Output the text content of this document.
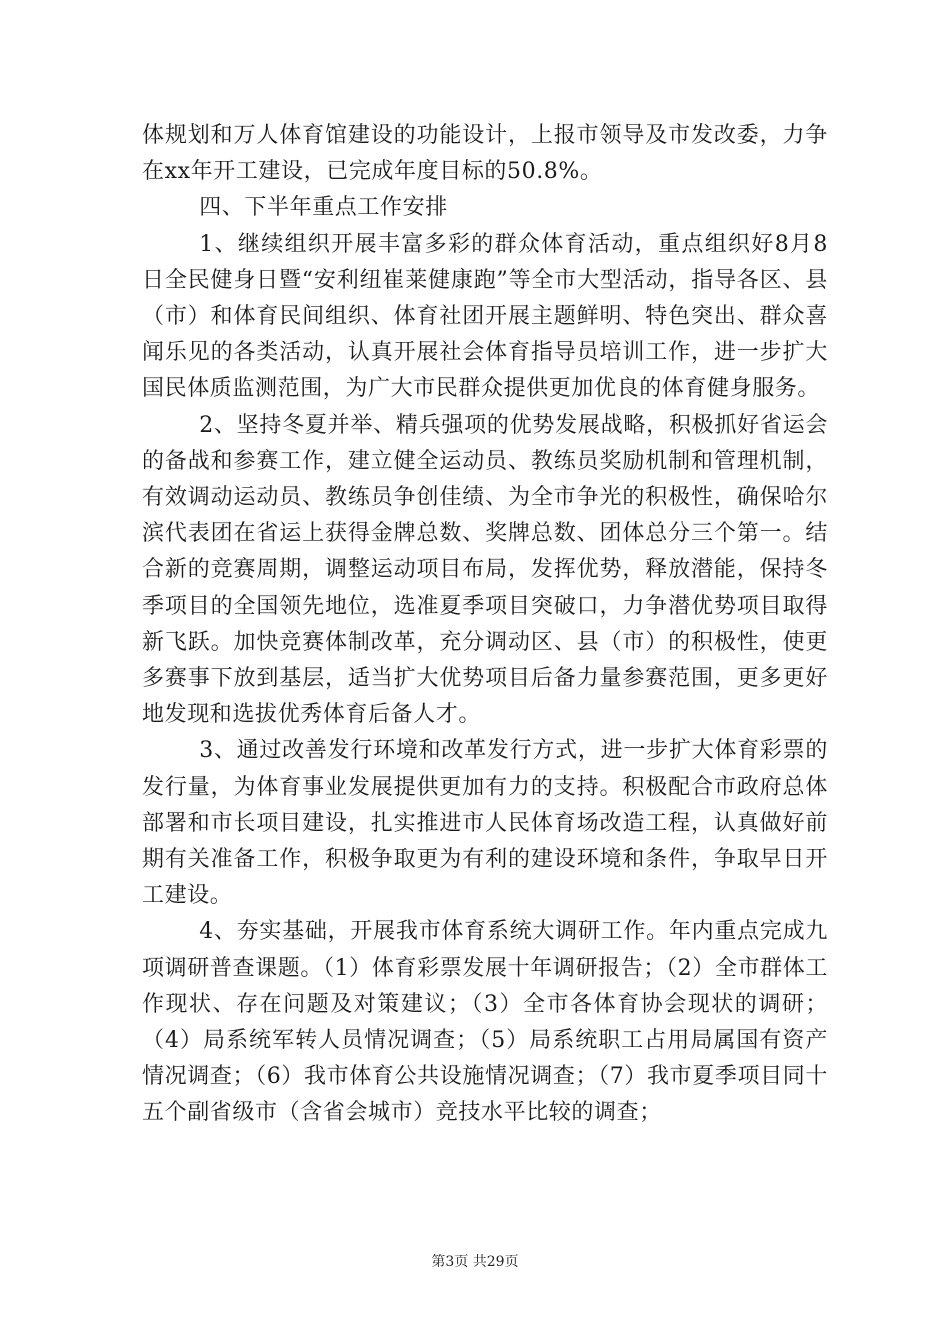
体规划和万人体育馆建设的功能设计，上报市领导及市发改委，力争在xx年开工建设，已完成年度目标的50.8%。

四、下半年重点工作安排

1、继续组织开展丰富多彩的群众体育活动，重点组织好8月8日全民健身日暨“安利纽崔莱健康跑”等全市大型活动，指导各区、县（市）和体育民间组织、体育社团开展主题鲜明、特色突出、群众喜闻乐见的各类活动，认真开展社会体育指导员培训工作，进一步扩大国民体质监测范围，为广大市民群众提供更加优良的体育健身服务。

2、坚持冬夏并举、精兵强项的优势发展战略，积极抓好省运会的备战和参赛工作，建立健全运动员、教练员奖励机制和管理机制，有效调动运动员、教练员争创佳绩、为全市争光的积极性，确保哈尔滨代表团在省运上获得金牌总数、奖牌总数、团体总分三个第一。结合新的竞赛周期，调整运动项目布局，发挥优势，释放潜能，保持冬季项目的全国领先地位，选准夏季项目突破口，力争潜优势项目取得新飞跃。加快竞赛体制改革，充分调动区、县（市）的积极性，使更多赛事下放到基层，适当扩大优势项目后备力量参赛范围，更多更好地发现和选拔优秀体育后备人才。

3、通过改善发行环境和改革发行方式，进一步扩大体育彩票的发行量，为体育事业发展提供更加有力的支持。积极配合市政府总体部署和市长项目建设，扎实推进市人民体育场改造工程，认真做好前期有关准备工作，积极争取更为有利的建设环境和条件，争取早日开工建设。

4、夯实基础，开展我市体育系统大调研工作。年内重点完成九项调研普查课题。（1）体育彩票发展十年调研报告；（2）全市群体工作现状、存在问题及对策建议；（3）全市各体育协会现状的调研；（4）局系统军转人员情况调查；（5）局系统职工占用局属国有资产情况调查；（6）我市体育公共设施情况调查；（7）我市夏季项目同十五个副省级市（含省会城市）竞技水平比较的调查；

第3页 共29页
